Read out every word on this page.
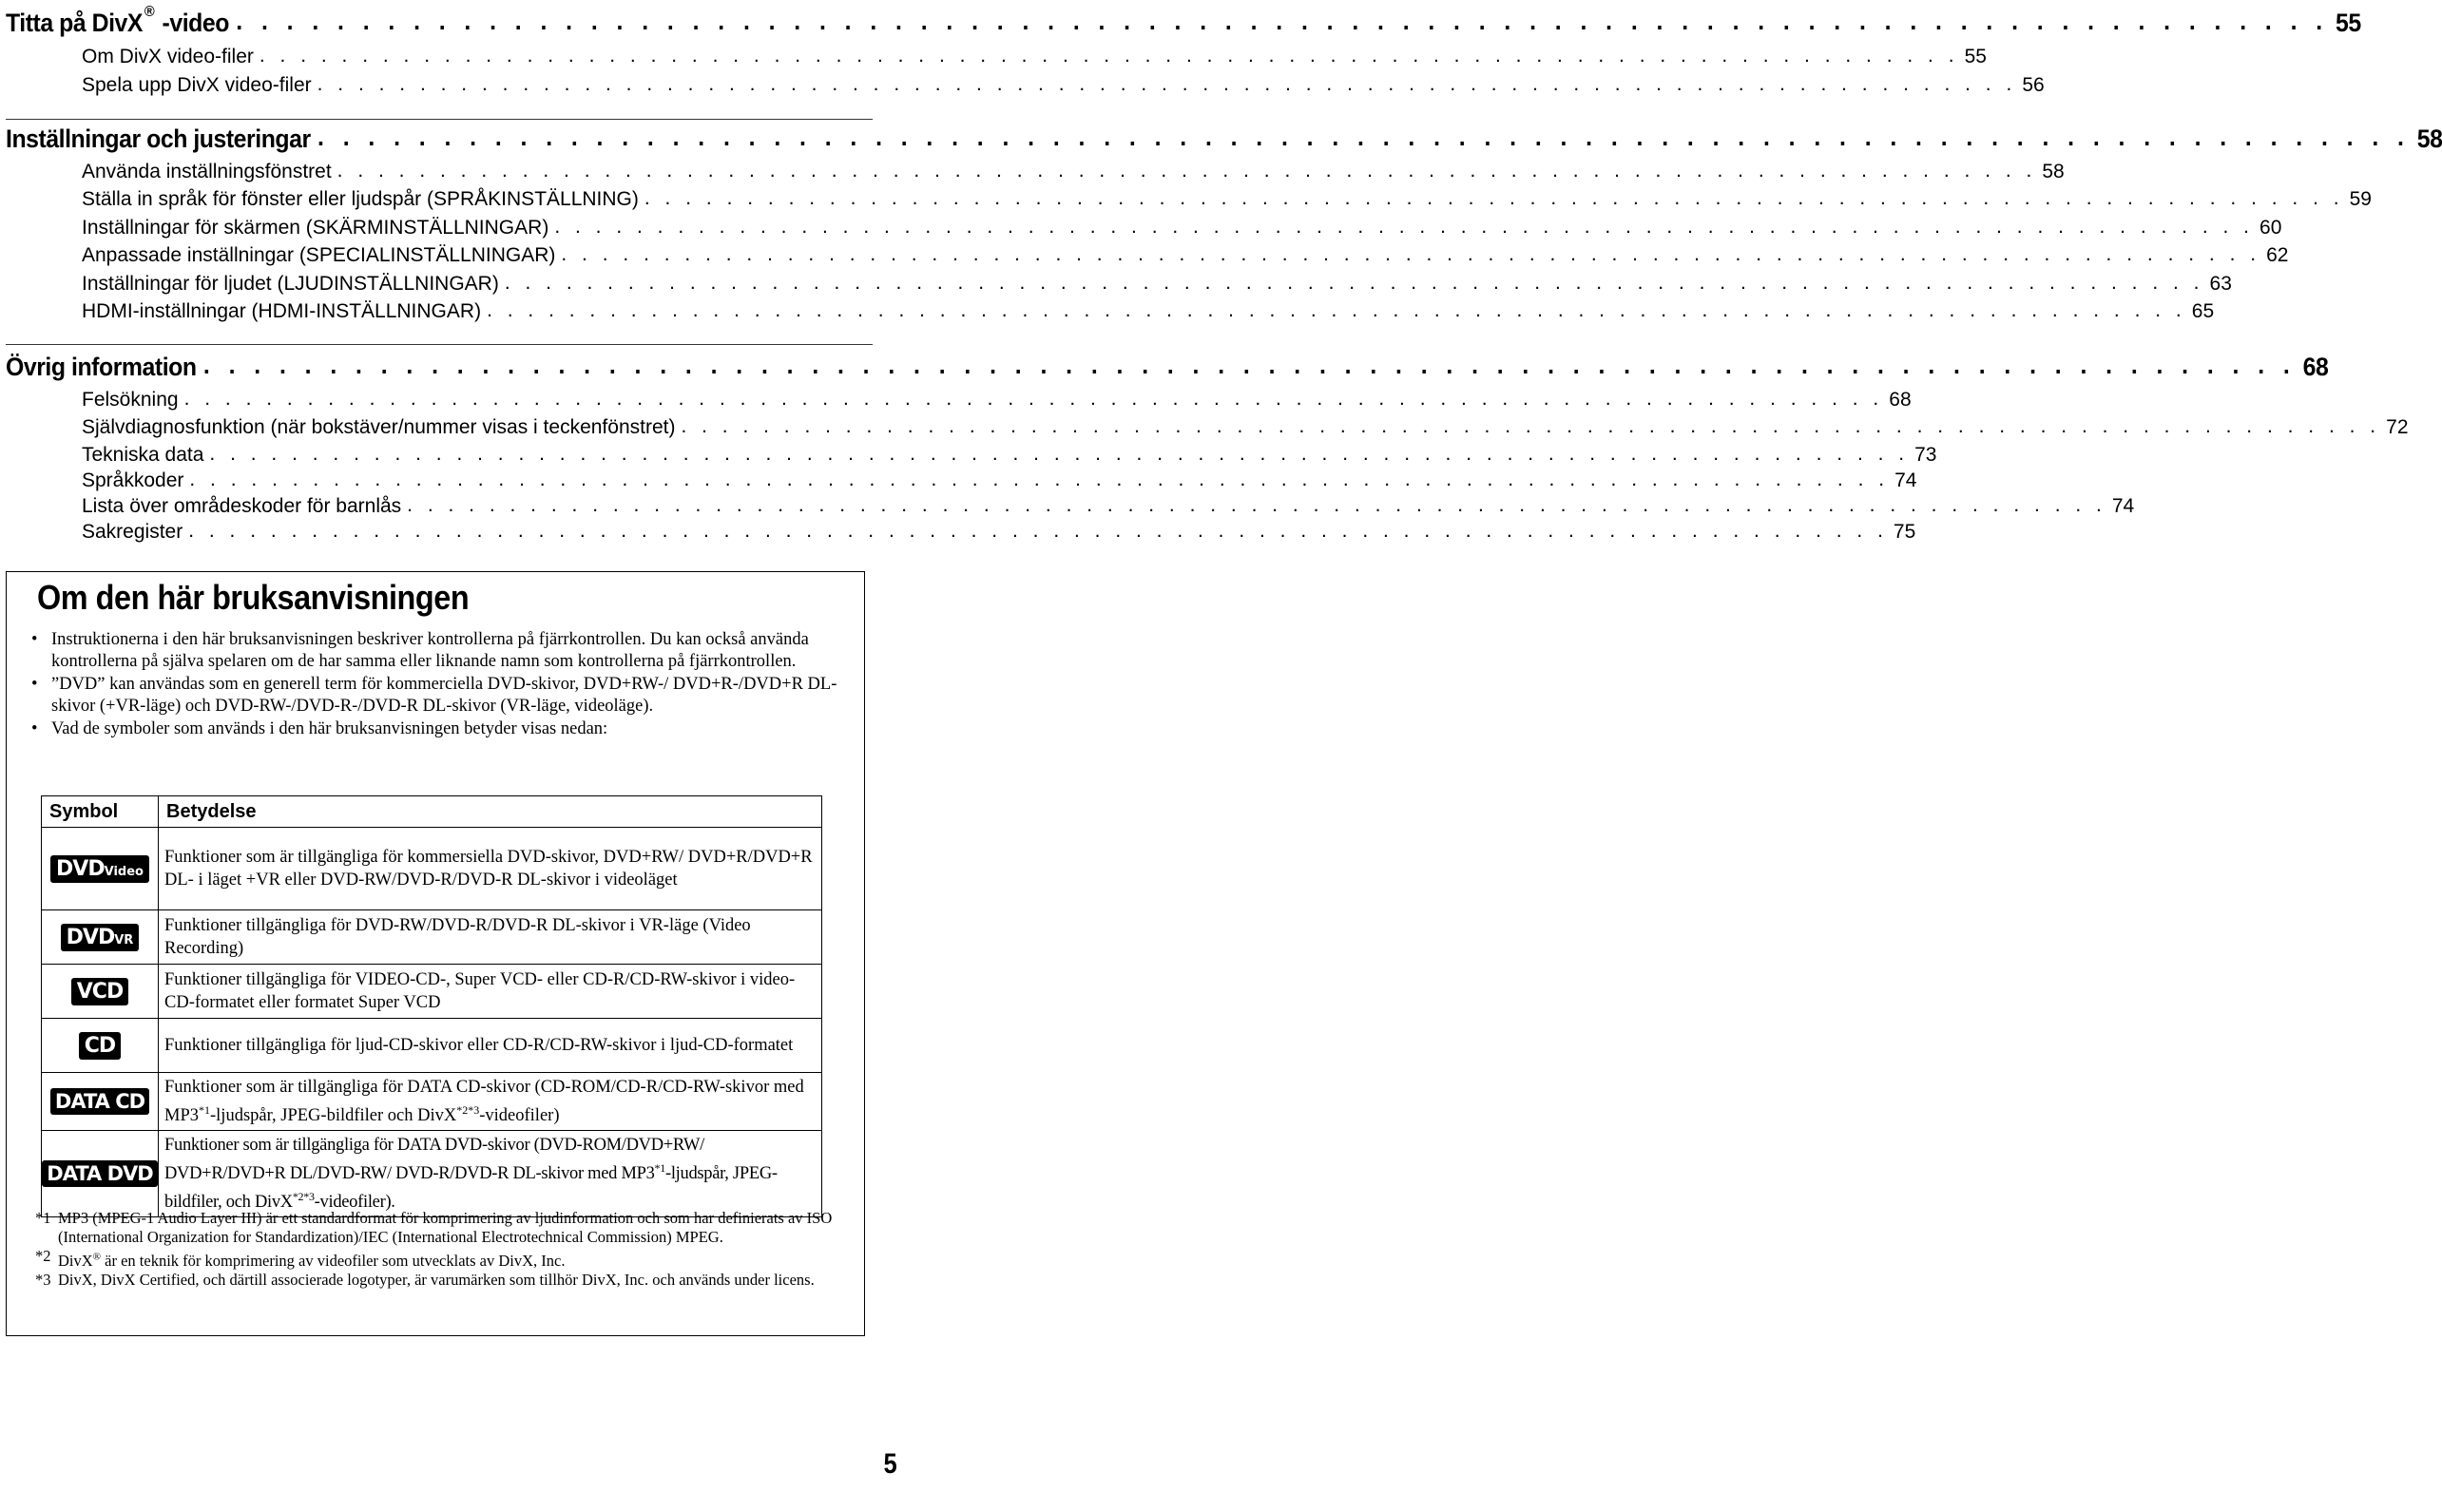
Titta på DivX ® -video . . . . . . . . . . . . . . . . . . . . . . . . . . . . . . . . . . . . . . . . . . . . . . . . . . . . . . . . . . . . . . . . . . . . . . . . . . . . . . . . . . . 55
Om DivX video-filer . . . . . . . . . . . . . . . . . . . . . . . . . . . . . . . . . . . . . . . . . . . . . . . . . . . . . . . . . . . . . . . . . . . . . . . . . . . . . . . . . . . 55
Spela upp DivX video-filer . . . . . . . . . . . . . . . . . . . . . . . . . . . . . . . . . . . . . . . . . . . . . . . . . . . . . . . . . . . . . . . . . . . . . . . . . . . . . . . . . . . 56
Inställningar och justeringar . . . . . . . . . . . . . . . . . . . . . . . . . . . . . . . . . . . . . . . . . . . . . . . . . . . . . . . . . . . . . . . . . . . . . . . . . . . . . . . . . . . 58
Använda inställningsfönstret . . . . . . . . . . . . . . . . . . . . . . . . . . . . . . . . . . . . . . . . . . . . . . . . . . . . . . . . . . . . . . . . . . . . . . . . . . . . . . . . . . . 58
Ställa in språk för fönster eller ljudspår (SPRÅKINSTÄLLNING) . . . . . . . . . . . . . . . . . . . . . . . . . . . . . . . . . . . . . . . . . . . . . . . . . . . . . . . . . . . . . . . . . . . . . . . . . . . . . . . . . . . 59
Inställningar för skärmen (SKÄRMINSTÄLLNINGAR) . . . . . . . . . . . . . . . . . . . . . . . . . . . . . . . . . . . . . . . . . . . . . . . . . . . . . . . . . . . . . . . . . . . . . . . . . . . . . . . . . . . 60
Anpassade inställningar (SPECIALINSTÄLLNINGAR) . . . . . . . . . . . . . . . . . . . . . . . . . . . . . . . . . . . . . . . . . . . . . . . . . . . . . . . . . . . . . . . . . . . . . . . . . . . . . . . . . . . 62
Inställningar för ljudet (LJUDINSTÄLLNINGAR) . . . . . . . . . . . . . . . . . . . . . . . . . . . . . . . . . . . . . . . . . . . . . . . . . . . . . . . . . . . . . . . . . . . . . . . . . . . . . . . . . . . 63
HDMI-inställningar (HDMI-INSTÄLLNINGAR) . . . . . . . . . . . . . . . . . . . . . . . . . . . . . . . . . . . . . . . . . . . . . . . . . . . . . . . . . . . . . . . . . . . . . . . . . . . . . . . . . . . 65
Övrig information . . . . . . . . . . . . . . . . . . . . . . . . . . . . . . . . . . . . . . . . . . . . . . . . . . . . . . . . . . . . . . . . . . . . . . . . . . . . . . . . . . . 68
Felsökning . . . . . . . . . . . . . . . . . . . . . . . . . . . . . . . . . . . . . . . . . . . . . . . . . . . . . . . . . . . . . . . . . . . . . . . . . . . . . . . . . . . 68
Självdiagnosfunktion (när bokstäver/nummer visas i teckenfönstret) . . . . . . . . . . . . . . . . . . . . . . . . . . . . . . . . . . . . . . . . . . . . . . . . . . . . . . . . . . . . . . . . . . . . . . . . . . . . . . . . . . . 72
Tekniska data . . . . . . . . . . . . . . . . . . . . . . . . . . . . . . . . . . . . . . . . . . . . . . . . . . . . . . . . . . . . . . . . . . . . . . . . . . . . . . . . . . . 73
Språkkoder . . . . . . . . . . . . . . . . . . . . . . . . . . . . . . . . . . . . . . . . . . . . . . . . . . . . . . . . . . . . . . . . . . . . . . . . . . . . . . . . . . . 74
Lista över områdeskoder för barnlås . . . . . . . . . . . . . . . . . . . . . . . . . . . . . . . . . . . . . . . . . . . . . . . . . . . . . . . . . . . . . . . . . . . . . . . . . . . . . . . . . . . 74
Sakregister . . . . . . . . . . . . . . . . . . . . . . . . . . . . . . . . . . . . . . . . . . . . . . . . . . . . . . . . . . . . . . . . . . . . . . . . . . . . . . . . . . . 75
Om den här bruksanvisningen
• Instruktionerna i den här bruksanvisningen beskriver kontrollerna på fjärrkontrollen. Du kan också använda kontrollerna på själva spelaren om de har samma eller liknande namn som kontrollerna på fjärrkontrollen.
• ”DVD” kan användas som en generell term för kommerciella DVD-skivor, DVD+RW-/ DVD+R-/DVD+R DL-skivor (+VR-läge) och DVD-RW-/DVD-R-/DVD-R DL-skivor (VR-läge, videoläge).
• Vad de symboler som används i den här bruksanvisningen betyder visas nedan:
Symbol	Betydelse
DVDVideo	Funktioner som är tillgängliga för kommersiella DVD-skivor, DVD+RW/ DVD+R/DVD+R DL- i läget +VR eller DVD-RW/DVD-R/DVD-R DL-skivor i videoläget
DVDVR	Funktioner tillgängliga för DVD-RW/DVD-R/DVD-R DL-skivor i VR-läge (Video Recording)
VCD	Funktioner tillgängliga för VIDEO-CD-, Super VCD- eller CD-R/CD-RW-skivor i video-CD-formatet eller formatet Super VCD
CD	Funktioner tillgängliga för ljud-CD-skivor eller CD-R/CD-RW-skivor i ljud-CD-formatet
DATA CD	Funktioner som är tillgängliga för DATA CD-skivor (CD-ROM/CD-R/CD-RW-skivor med MP3$^{*1}$-ljudspår, JPEG-bildfiler och DivX$^{*2*3}$-videofiler)
DATA DVD	Funktioner som är tillgängliga för DATA DVD-skivor (DVD-ROM/DVD+RW/ DVD+R/DVD+R DL/DVD-RW/ DVD-R/DVD-R DL-skivor med MP3$^{*1}$-ljudspår, JPEG-bildfiler, och DivX$^{*2*3}$-videofiler).
*1 MP3 (MPEG-1 Audio Layer III) är ett standardformat för komprimering av ljudinformation och som har definierats av ISO (International Organization for Standardization)/IEC (International Electrotechnical Commission) MPEG.
*2 DivX® är en teknik för komprimering av videofiler som utvecklats av DivX, Inc.
*3 DivX, DivX Certified, och därtill associerade logotyper, är varumärken som tillhör DivX, Inc. och används under licens.
5
